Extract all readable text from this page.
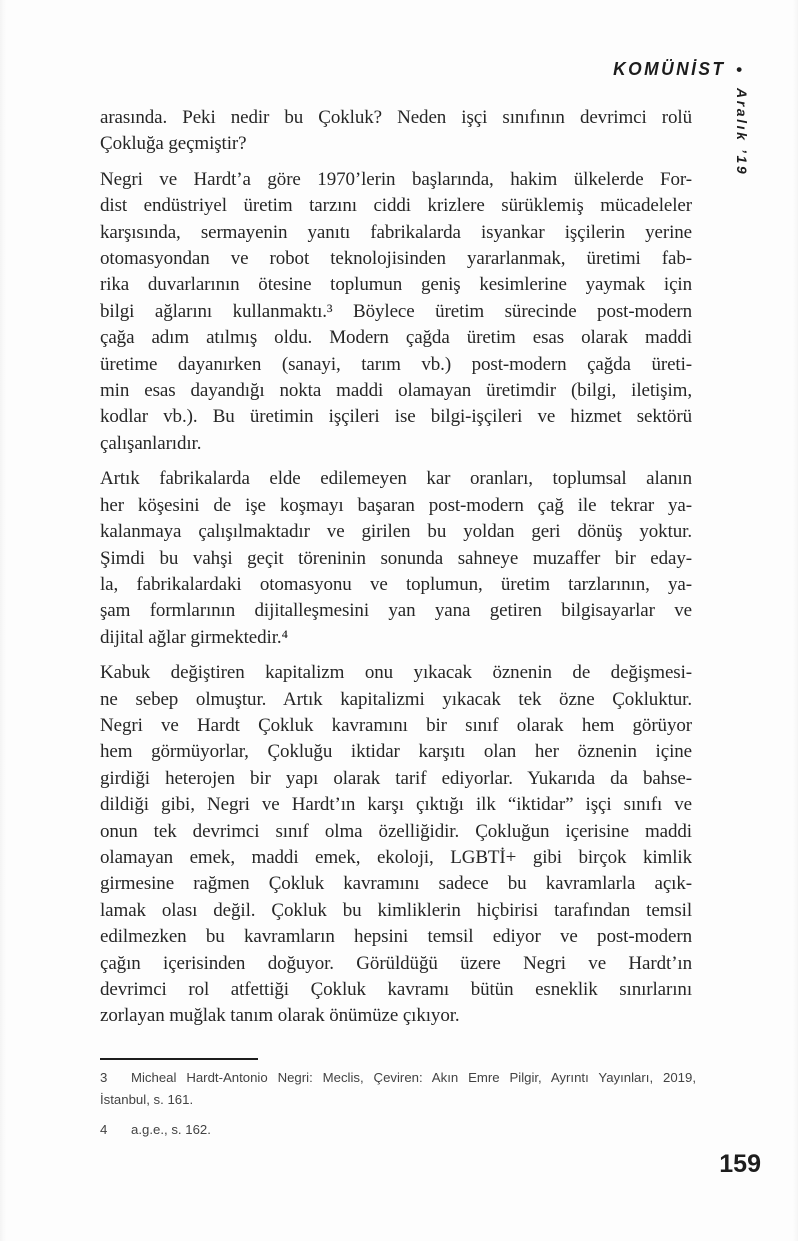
KOMÜNİST •
Aralık ’19

arasında. Peki nedir bu Çokluk? Neden işçi sınıfının devrimci rolü
Çokluğa geçmiştir?

Negri ve Hardt’a göre 1970’lerin başlarında, hakim ülkelerde For-
dist endüstriyel üretim tarzını ciddi krizlere sürüklemiş mücadeleler
karşısında, sermayenin yanıtı fabrikalarda isyankar işçilerin yerine
otomasyondan ve robot teknolojisinden yararlanmak, üretimi fab-
rika duvarlarının ötesine toplumun geniş kesimlerine yaymak için
bilgi ağlarını kullanmaktı.³ Böylece üretim sürecinde post-modern
çağa adım atılmış oldu. Modern çağda üretim esas olarak maddi
üretime dayanırken (sanayi, tarım vb.) post-modern çağda üreti-
min esas dayandığı nokta maddi olamayan üretimdir (bilgi, iletişim,
kodlar vb.). Bu üretimin işçileri ise bilgi-işçileri ve hizmet sektörü
çalışanlarıdır.

Artık fabrikalarda elde edilemeyen kar oranları, toplumsal alanın
her köşesini de işe koşmayı başaran post-modern çağ ile tekrar ya-
kalanmaya çalışılmaktadır ve girilen bu yoldan geri dönüş yoktur.
Şimdi bu vahşi geçit töreninin sonunda sahneye muzaffer bir eday-
la, fabrikalardaki otomasyonu ve toplumun, üretim tarzlarının, ya-
şam formlarının dijitalleşmesini yan yana getiren bilgisayarlar ve
dijital ağlar girmektedir.⁴

Kabuk değiştiren kapitalizm onu yıkacak öznenin de değişmesi-
ne sebep olmuştur. Artık kapitalizmi yıkacak tek özne Çokluktur.
Negri ve Hardt Çokluk kavramını bir sınıf olarak hem görüyor
hem görmüyorlar, Çokluğu iktidar karşıtı olan her öznenin içine
girdiği heterojen bir yapı olarak tarif ediyorlar. Yukarıda da bahse-
dildiği gibi, Negri ve Hardt’ın karşı çıktığı ilk “iktidar” işçi sınıfı ve
onun tek devrimci sınıf olma özelliğidir. Çokluğun içerisine maddi
olamayan emek, maddi emek, ekoloji, LGBTİ+ gibi birçok kimlik
girmesine rağmen Çokluk kavramını sadece bu kavramlarla açık-
lamak olası değil. Çokluk bu kimliklerin hiçbirisi tarafından temsil
edilmezken bu kavramların hepsini temsil ediyor ve post-modern
çağın içerisinden doğuyor. Görüldüğü üzere Negri ve Hardt’ın
devrimci rol atfettiği Çokluk kavramı bütün esneklik sınırlarını
zorlayan muğlak tanım olarak önümüze çıkıyor.

3 Micheal Hardt-Antonio Negri: Meclis, Çeviren: Akın Emre Pilgir, Ayrıntı Yayınları, 2019,
İstanbul, s. 161.

4 a.g.e., s. 162.

159
